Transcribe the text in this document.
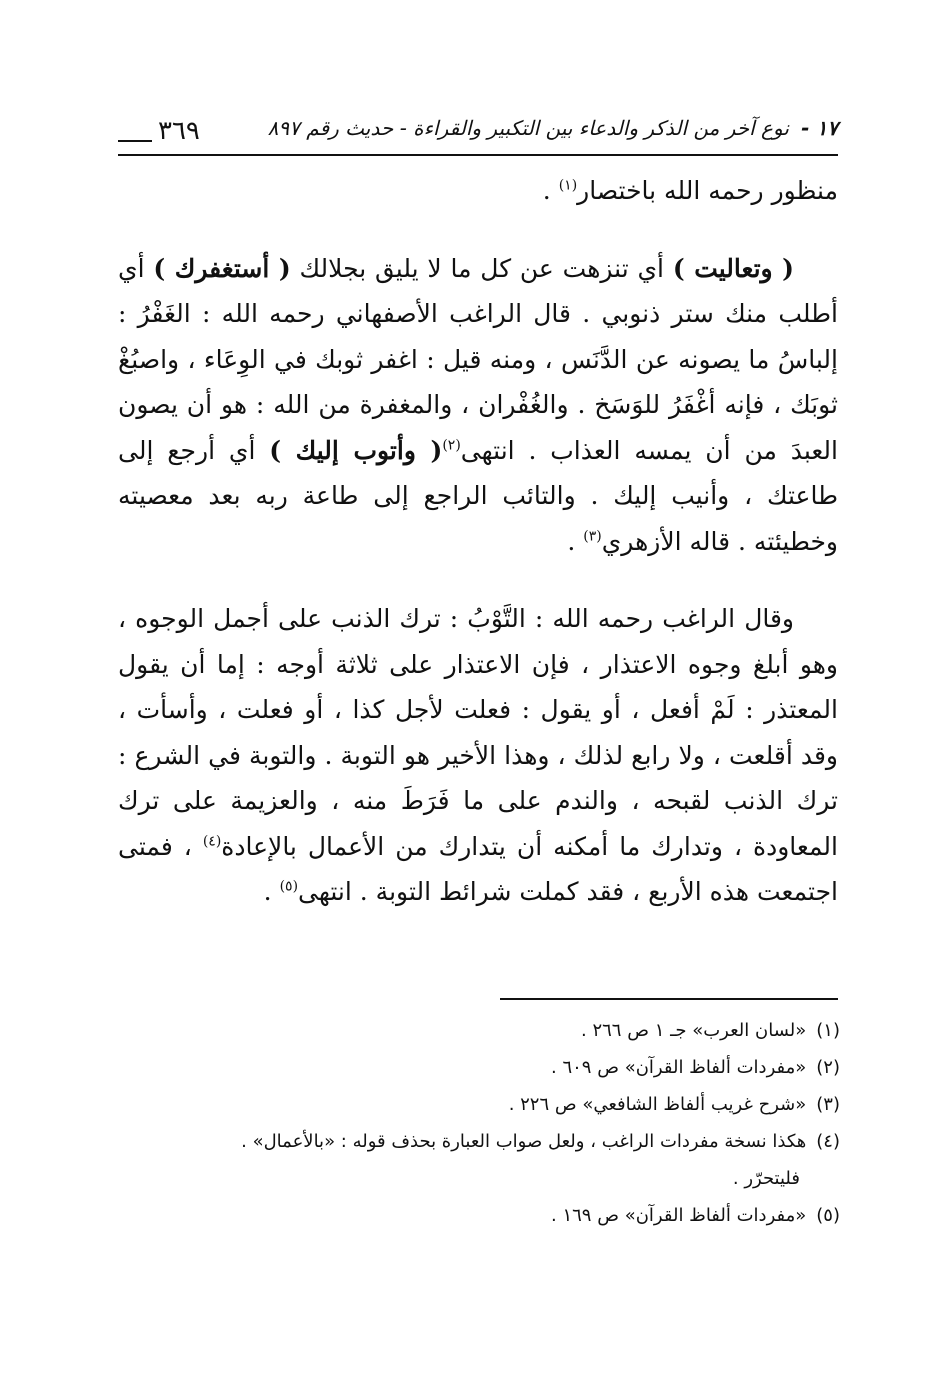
١٧ - نوع آخر من الذكر والدعاء بين التكبير والقراءة - حديث رقم ٨٩٧
٣٦٩

منظور رحمه الله باختصار$^{(١)}$ .

( وتعاليت ) أي تنزهت عن كل ما لا يليق بجلالك ( أستغفرك ) أي أطلب منك ستر ذنوبي . قال الراغب الأصفهاني رحمه الله : الغَفْرُ : إلباسُ ما يصونه عن الدَّنَس ، ومنه قيل : اغفر ثوبك في الوِعَاء ، واصبُغْ ثوبَك ، فإنه أغْفَرُ للوَسَخ . والغُفْران ، والمغفرة من الله : هو أن يصون العبدَ من أن يمسه العذاب . انتهى$^{(٢)}$( وأتوب إليك ) أي أرجع إلى طاعتك ، وأنيب إليك . والتائب الراجع إلى طاعة ربه بعد معصيته وخطيئته . قاله الأزهري$^{(٣)}$ .

وقال الراغب رحمه الله : التَّوْبُ : ترك الذنب على أجمل الوجوه ، وهو أبلغ وجوه الاعتذار ، فإن الاعتذار على ثلاثة أوجه : إما أن يقول المعتذر : لَمْ أفعل ، أو يقول : فعلت لأجل كذا ، أو فعلت ، وأسأت ، وقد أقلعت ، ولا رابع لذلك ، وهذا الأخير هو التوبة . والتوبة في الشرع : ترك الذنب لقبحه ، والندم على ما فَرَطَ منه ، والعزيمة على ترك المعاودة ، وتدارك ما أمكنه أن يتدارك من الأعمال بالإعادة$^{(٤)}$ ، فمتى اجتمعت هذه الأربع ، فقد كملت شرائط التوبة . انتهى$^{(٥)}$ .

(١)«لسان العرب» جـ ١ ص ٢٦٦ .

(٢)«مفردات ألفاظ القرآن» ص ٦٠٩ .

(٣)«شرح غريب ألفاظ الشافعي» ص ٢٢٦ .

(٤)هكذا نسخة مفردات الراغب ، ولعل صواب العبارة بحذف قوله : «بالأعمال» .
فليتحرّر .

(٥)«مفردات ألفاظ القرآن» ص ١٦٩ .
